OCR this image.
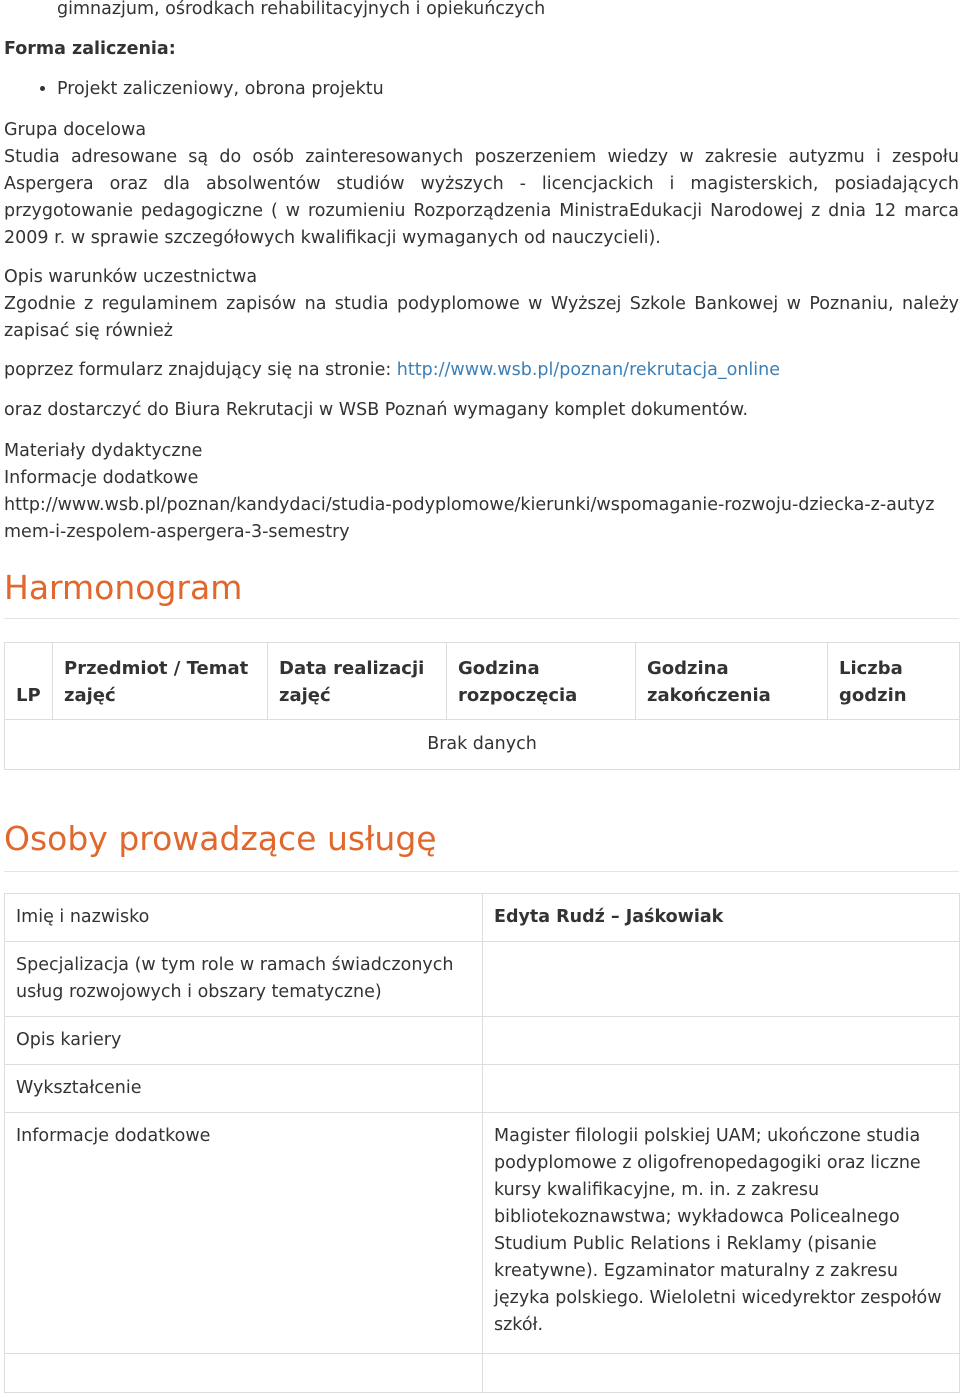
gimnazjum, ośrodkach rehabilitacyjnych i opiekuńczych

Forma zaliczenia:

• Projekt zaliczeniowy, obrona projektu

Grupa docelowa

Studia adresowane są do osób zainteresowanych poszerzeniem wiedzy w zakresie autyzmu i zespołu Aspergera oraz dla absolwentów studiów wyższych - licencjackich i magisterskich, posiadających przygotowanie pedagogiczne ( w rozumieniu Rozporządzenia MinistraEdukacji Narodowej z dnia 12 marca 2009 r. w sprawie szczegółowych kwalifikacji wymaganych od nauczycieli).

Opis warunków uczestnictwa

Zgodnie z regulaminem zapisów na studia podyplomowe w Wyższej Szkole Bankowej w Poznaniu, należy zapisać się również

poprzez formularz znajdujący się na stronie: http://www.wsb.pl/poznan/rekrutacja_online

oraz dostarczyć do Biura Rekrutacji w WSB Poznań wymagany komplet dokumentów.

Materiały dydaktyczne

Informacje dodatkowe

http://www.wsb.pl/poznan/kandydaci/studia-podyplomowe/kierunki/wspomaganie-rozwoju-dziecka-z-autyzmem-i-zespolem-aspergera-3-semestry

Harmonogram
LP	Przedmiot / Temat zajęć	Data realizacji zajęć	Godzina rozpoczęcia	Godzina zakończenia	Liczba godzin
Brak danych
Osoby prowadzące usługę
Imię i nazwisko	Edyta Rudź – Jaśkowiak
Specjalizacja (w tym role w ramach świadczonych usług rozwojowych i obszary tematyczne)	
Opis kariery	
Wykształcenie	
Informacje dodatkowe	Magister filologii polskiej UAM; ukończone studia podyplomowe z oligofrenopedagogiki oraz liczne kursy kwalifikacyjne, m. in. z zakresu bibliotekoznawstwa; wykładowca Policealnego Studium Public Relations i Reklamy (pisanie kreatywne). Egzaminator maturalny z zakresu języka polskiego. Wieloletni wicedyrektor zespołów szkół.
